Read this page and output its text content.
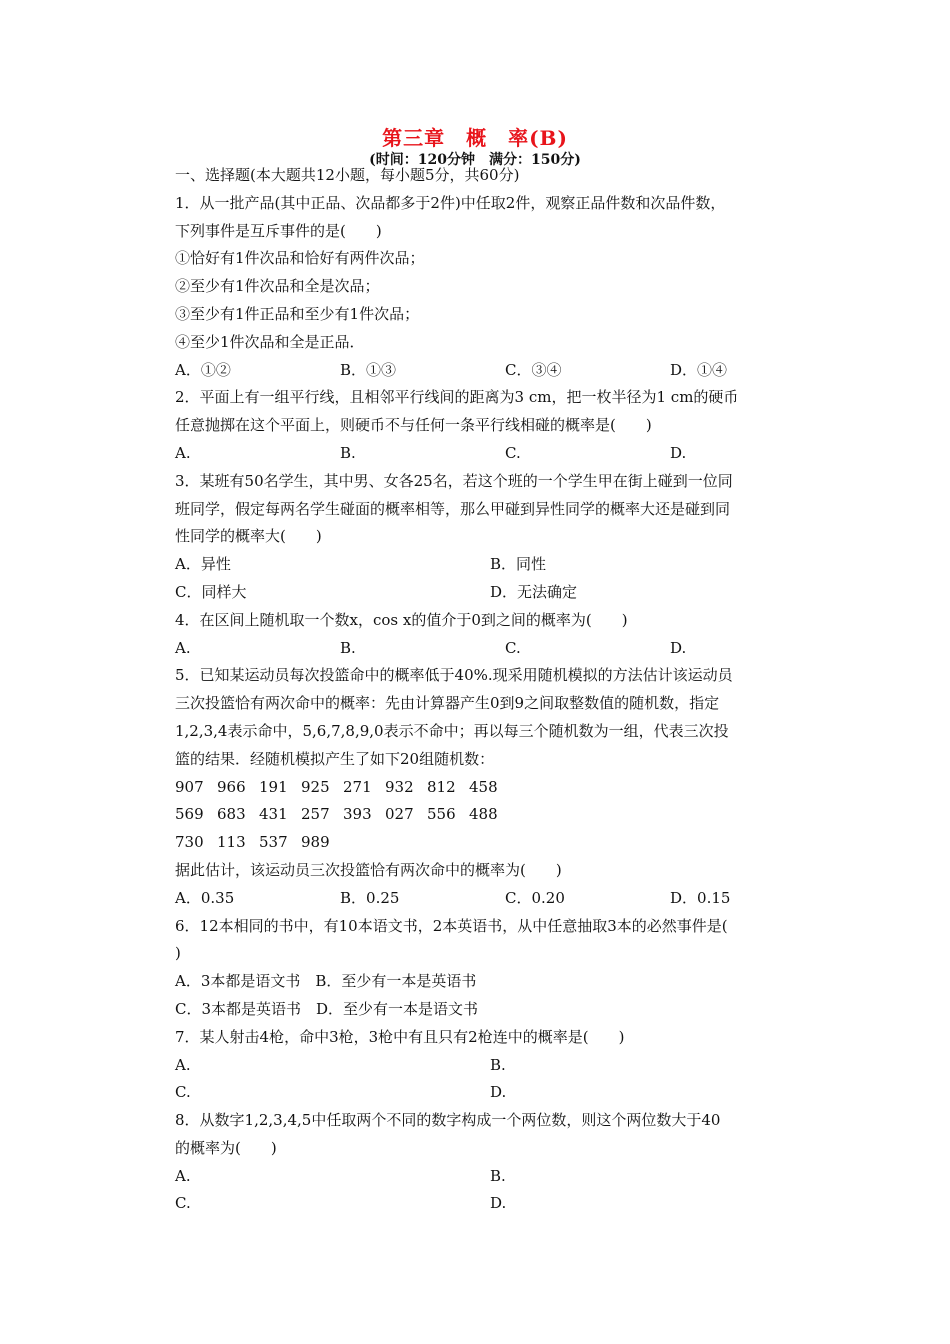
第三章　概　率(B)
(时间：120分钟　满分：150分)
一、选择题(本大题共12小题，每小题5分，共60分)
1．从一批产品(其中正品、次品都多于2件)中任取2件，观察正品件数和次品件数，
下列事件是互斥事件的是(　　)
①恰好有1件次品和恰好有两件次品；
②至少有1件次品和全是次品；
③至少有1件正品和至少有1件次品；
④至少1件次品和全是正品．
A．①②	B．①③	C．③④	D．①④
2．平面上有一组平行线，且相邻平行线间的距离为3 cm，把一枚半径为1 cm的硬币
任意抛掷在这个平面上，则硬币不与任何一条平行线相碰的概率是(　　)
A.	B.	C.	D.
3．某班有50名学生，其中男、女各25名，若这个班的一个学生甲在街上碰到一位同
班同学，假定每两名学生碰面的概率相等，那么甲碰到异性同学的概率大还是碰到同
性同学的概率大(　　)
A．异性	B．同性
C．同样大	D．无法确定
4．在区间上随机取一个数x，cos x的值介于0到之间的概率为(　　)
A.	B.	C.	D.
5．已知某运动员每次投篮命中的概率低于40%.现采用随机模拟的方法估计该运动员
三次投篮恰有两次命中的概率：先由计算器产生0到9之间取整数值的随机数，指定
1,2,3,4表示命中，5,6,7,8,9,0表示不命中；再以每三个随机数为一组，代表三次投
篮的结果．经随机模拟产生了如下20组随机数：
907 966 191 925 271 932 812 458
569 683 431 257 393 027 556 488
730 113 537 989
据此估计，该运动员三次投篮恰有两次命中的概率为(　　)
A．0.35	B．0.25	C．0.20	D．0.15
6．12本相同的书中，有10本语文书，2本英语书，从中任意抽取3本的必然事件是(
)
A．3本都是语文书　B．至少有一本是英语书
C．3本都是英语书　D．至少有一本是语文书
7．某人射击4枪，命中3枪，3枪中有且只有2枪连中的概率是(　　)
A.	B.
C.	D.
8．从数字1,2,3,4,5中任取两个不同的数字构成一个两位数，则这个两位数大于40
的概率为(　　)
A.	B.
C.	D.
